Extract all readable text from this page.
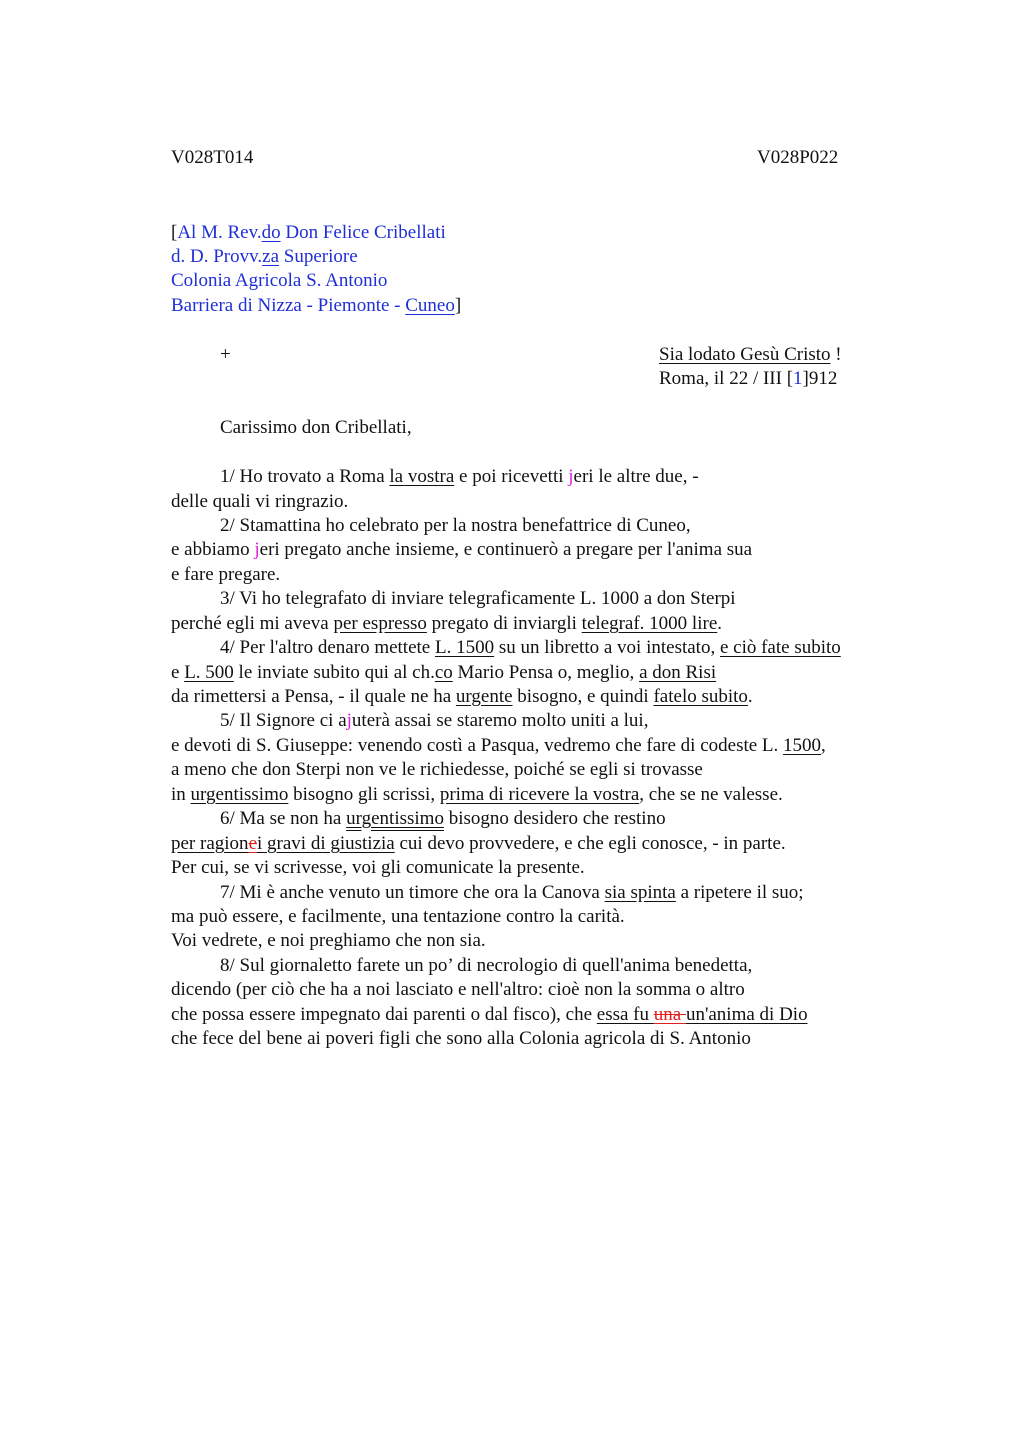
V028T014	V028P022
[Al M. Rev.do Don Felice Cribellati
d. D. Provv.za Superiore
Colonia Agricola S. Antonio
Barriera di Nizza - Piemonte - Cuneo]
+	Sia lodato Gesù Cristo !
Roma, il 22 / III [1]912
Carissimo don Cribellati,
1/ Ho trovato a Roma la vostra e poi ricevetti jeri le altre due, -
delle quali vi ringrazio.
2/ Stamattina ho celebrato per la nostra benefattrice di Cuneo,
e abbiamo jeri pregato anche insieme, e continuerò a pregare per l'anima sua
e fare pregare.
3/ Vi ho telegrafato di inviare telegraficamente L. 1000 a don Sterpi
perché egli mi aveva per espresso pregato di inviargli telegraf. 1000 lire.
4/ Per l'altro denaro mettete L. 1500 su un libretto a voi intestato, e ciò fate subito
e L. 500 le inviate subito qui al ch.co Mario Pensa o, meglio, a don Risi
da rimettersi a Pensa, - il quale ne ha urgente bisogno, e quindi fatelo subito.
5/ Il Signore ci ajuterà assai se staremo molto uniti a lui,
e devoti di S. Giuseppe: venendo costì a Pasqua, vedremo che fare di codeste L. 1500,
a meno che don Sterpi non ve le richiedesse, poiché se egli si trovasse
in urgentissimo bisogno gli scrissi, prima di ricevere la vostra, che se ne valesse.
6/ Ma se non ha urgentissimo bisogno desidero che restino
per ragionei gravi di giustizia cui devo provvedere, e che egli conosce, - in parte.
Per cui, se vi scrivesse, voi gli comunicate la presente.
7/ Mi è anche venuto un timore che ora la Canova sia spinta a ripetere il suo;
ma può essere, e facilmente, una tentazione contro la carità.
Voi vedrete, e noi preghiamo che non sia.
8/ Sul giornaletto farete un po’ di necrologio di quell'anima benedetta,
dicendo (per ciò che ha a noi lasciato e nell'altro: cioè non la somma o altro
che possa essere impegnato dai parenti o dal fisco), che essa fu una un'anima di Dio
che fece del bene ai poveri figli che sono alla Colonia agricola di S. Antonio
